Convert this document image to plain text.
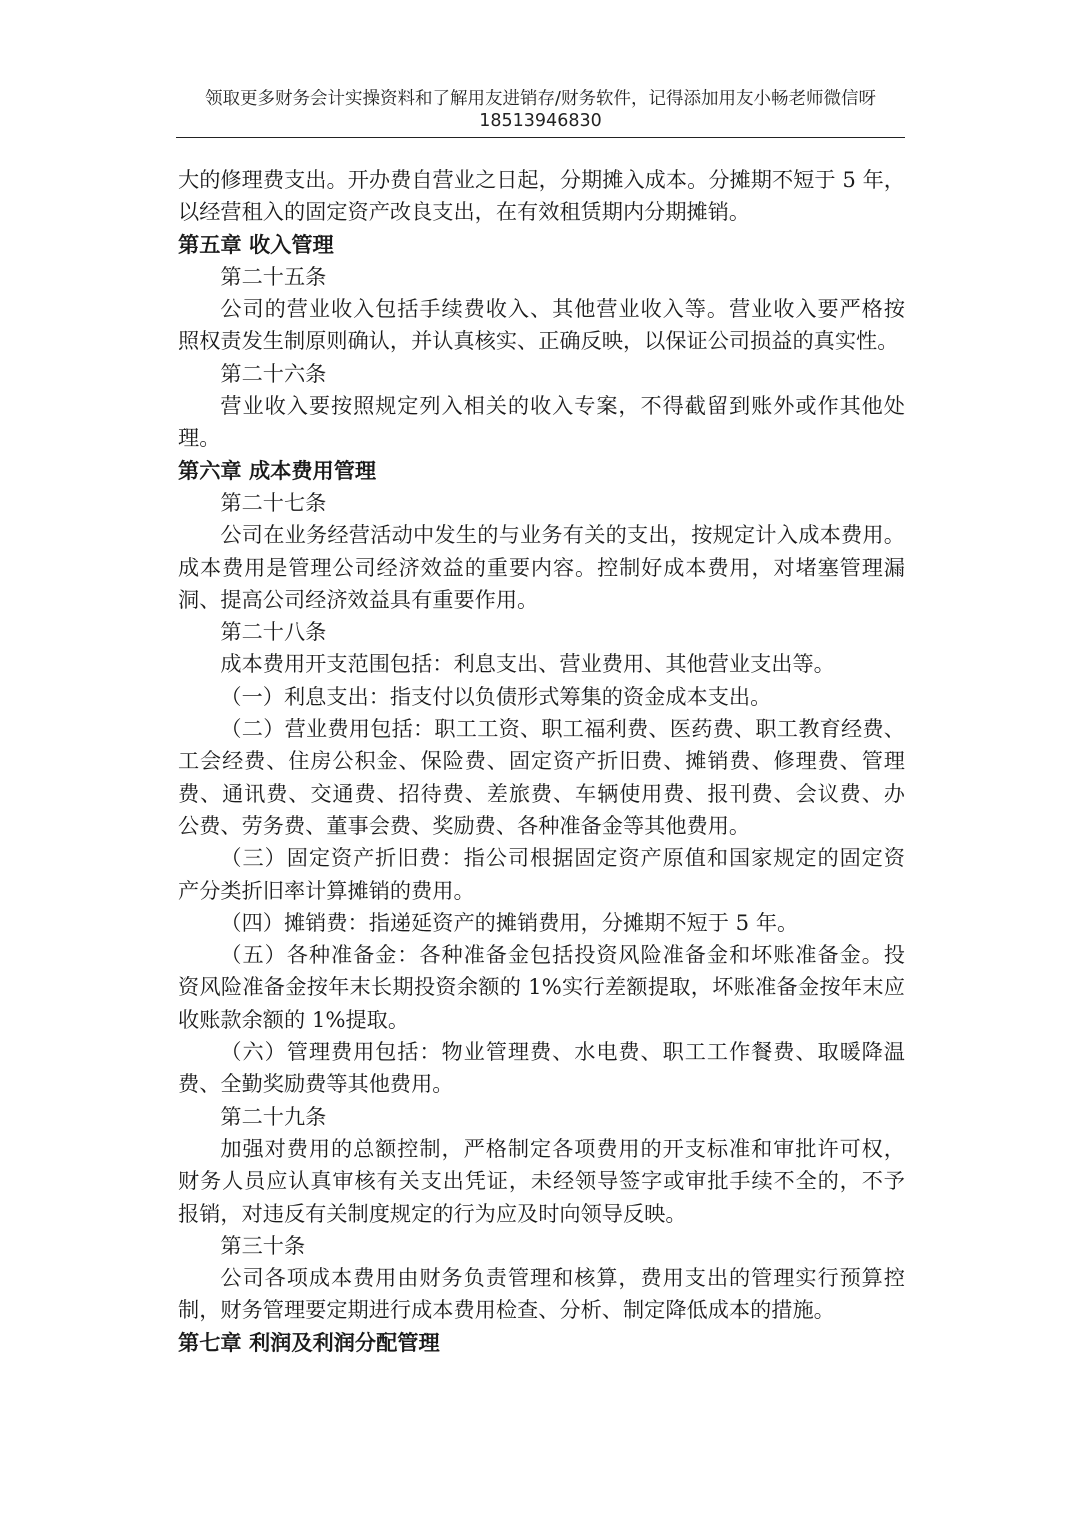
领取更多财务会计实操资料和了解用友进销存/财务软件，记得添加用友小畅老师微信呀
18513946830
大的修理费支出。开办费自营业之日起，分期摊入成本。分摊期不短于 5 年，
以经营租入的固定资产改良支出，在有效租赁期内分期摊销。
第五章 收入管理
第二十五条
公司的营业收入包括手续费收入、其他营业收入等。营业收入要严格按
照权责发生制原则确认，并认真核实、正确反映，以保证公司损益的真实性。
第二十六条
营业收入要按照规定列入相关的收入专案，不得截留到账外或作其他处
理。
第六章 成本费用管理
第二十七条
公司在业务经营活动中发生的与业务有关的支出，按规定计入成本费用。
成本费用是管理公司经济效益的重要内容。控制好成本费用，对堵塞管理漏
洞、提高公司经济效益具有重要作用。
第二十八条
成本费用开支范围包括：利息支出、营业费用、其他营业支出等。
（一）利息支出：指支付以负债形式筹集的资金成本支出。
（二）营业费用包括：职工工资、职工福利费、医药费、职工教育经费、
工会经费、住房公积金、保险费、固定资产折旧费、摊销费、修理费、管理
费、通讯费、交通费、招待费、差旅费、车辆使用费、报刊费、会议费、办
公费、劳务费、董事会费、奖励费、各种准备金等其他费用。
（三）固定资产折旧费：指公司根据固定资产原值和国家规定的固定资
产分类折旧率计算摊销的费用。
（四）摊销费：指递延资产的摊销费用，分摊期不短于 5 年。
（五）各种准备金：各种准备金包括投资风险准备金和坏账准备金。投
资风险准备金按年末长期投资余额的 1%实行差额提取，坏账准备金按年末应
收账款余额的 1%提取。
（六）管理费用包括：物业管理费、水电费、职工工作餐费、取暖降温
费、全勤奖励费等其他费用。
第二十九条
加强对费用的总额控制，严格制定各项费用的开支标准和审批许可权，
财务人员应认真审核有关支出凭证，未经领导签字或审批手续不全的，不予
报销，对违反有关制度规定的行为应及时向领导反映。
第三十条
公司各项成本费用由财务负责管理和核算，费用支出的管理实行预算控
制，财务管理要定期进行成本费用检查、分析、制定降低成本的措施。
第七章 利润及利润分配管理
